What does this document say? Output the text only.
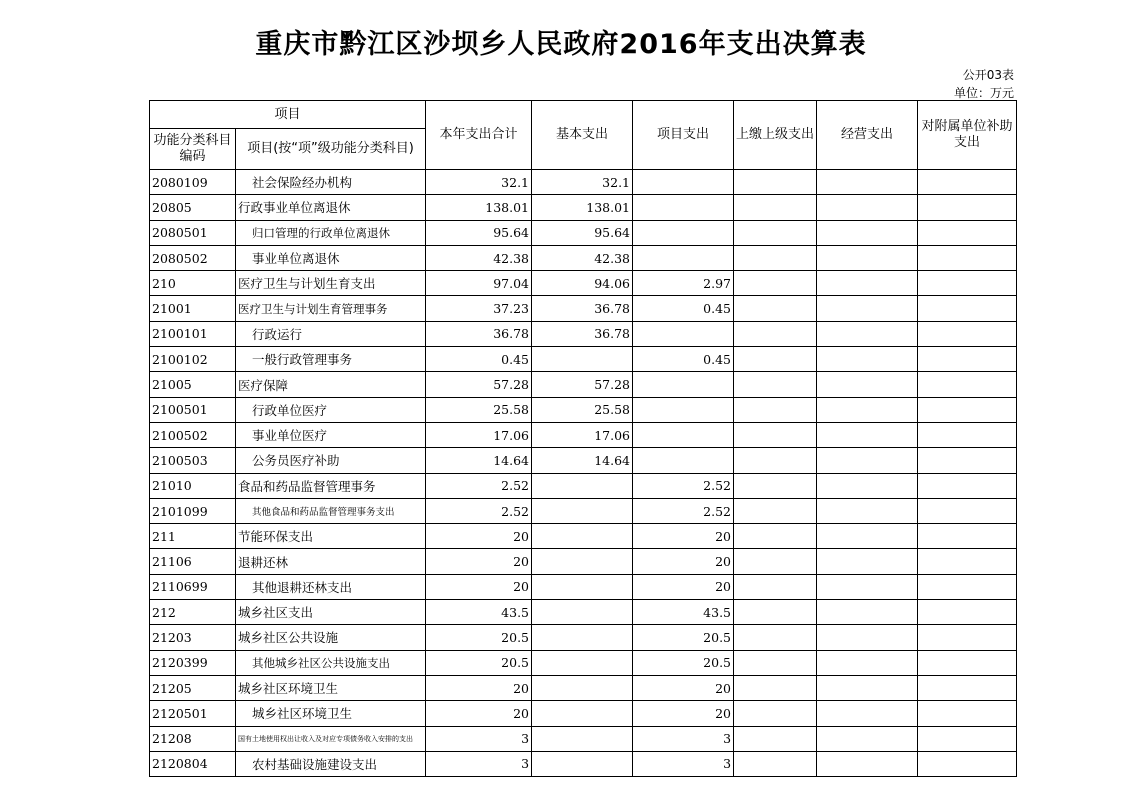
重庆市黔江区沙坝乡人民政府2016年支出决算表
公开03表
单位：万元
项目		本年支出合计	基本支出	项目支出	上缴上级支出	经营支出	对附属单位补助支出
功能分类科目编码	项目(按“项”级功能分类科目)						
2080109	社会保险经办机构	32.1	32.1				
20805	行政事业单位离退休	138.01	138.01				
2080501	归口管理的行政单位离退休	95.64	95.64				
2080502	事业单位离退休	42.38	42.38				
210	医疗卫生与计划生育支出	97.04	94.06	2.97			
21001	医疗卫生与计划生育管理事务	37.23	36.78	0.45			
2100101	行政运行	36.78	36.78				
2100102	一般行政管理事务	0.45		0.45			
21005	医疗保障	57.28	57.28				
2100501	行政单位医疗	25.58	25.58				
2100502	事业单位医疗	17.06	17.06				
2100503	公务员医疗补助	14.64	14.64				
21010	食品和药品监督管理事务	2.52		2.52			
2101099	其他食品和药品监督管理事务支出	2.52		2.52			
211	节能环保支出	20		20			
21106	退耕还林	20		20			
2110699	其他退耕还林支出	20		20			
212	城乡社区支出	43.5		43.5			
21203	城乡社区公共设施	20.5		20.5			
2120399	其他城乡社区公共设施支出	20.5		20.5			
21205	城乡社区环境卫生	20		20			
2120501	城乡社区环境卫生	20		20			
21208	国有土地使用权出让收入及对应专项债务收入安排的支出	3		3			
2120804	农村基础设施建设支出	3		3			
